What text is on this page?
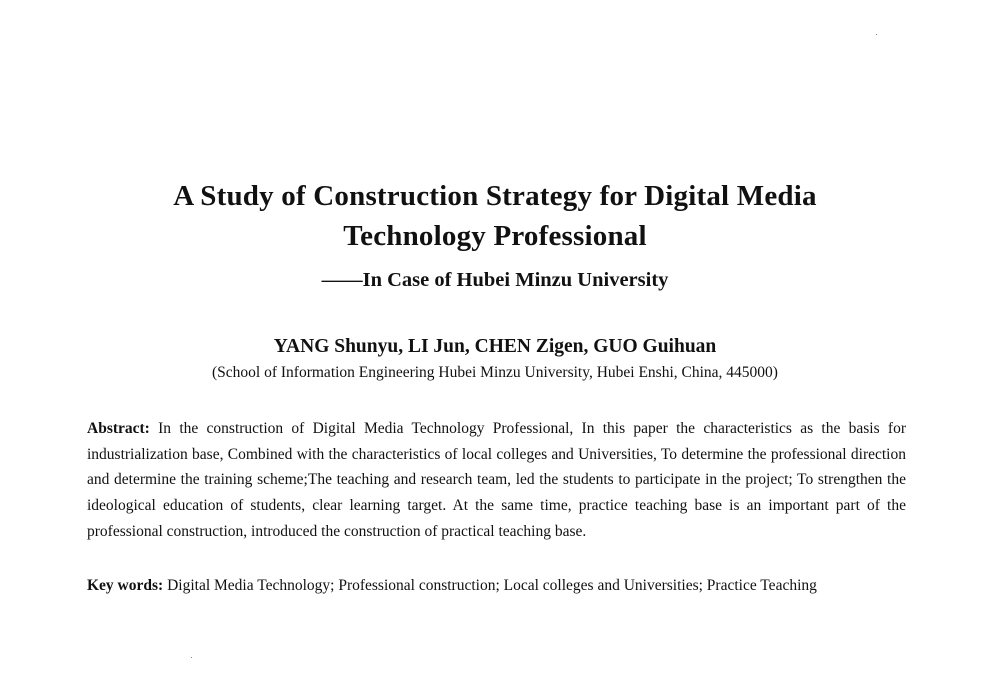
A Study of Construction Strategy for Digital Media
Technology Professional
——In Case of Hubei Minzu University
YANG Shunyu, LI Jun, CHEN Zigen, GUO Guihuan
(School of Information Engineering Hubei Minzu University, Hubei Enshi, China, 445000)
Abstract: In the construction of Digital Media Technology Professional, In this paper the characteristics as the basis for industrialization base, Combined with the characteristics of local colleges and Universities, To determine the professional direction and determine the training scheme;The teaching and research team, led the students to participate in the project; To strengthen the ideological education of students, clear learning target. At the same time, practice teaching base is an important part of the professional construction, introduced the construction of practical teaching base.
Key words: Digital Media Technology; Professional construction; Local colleges and Universities; Practice Teaching
